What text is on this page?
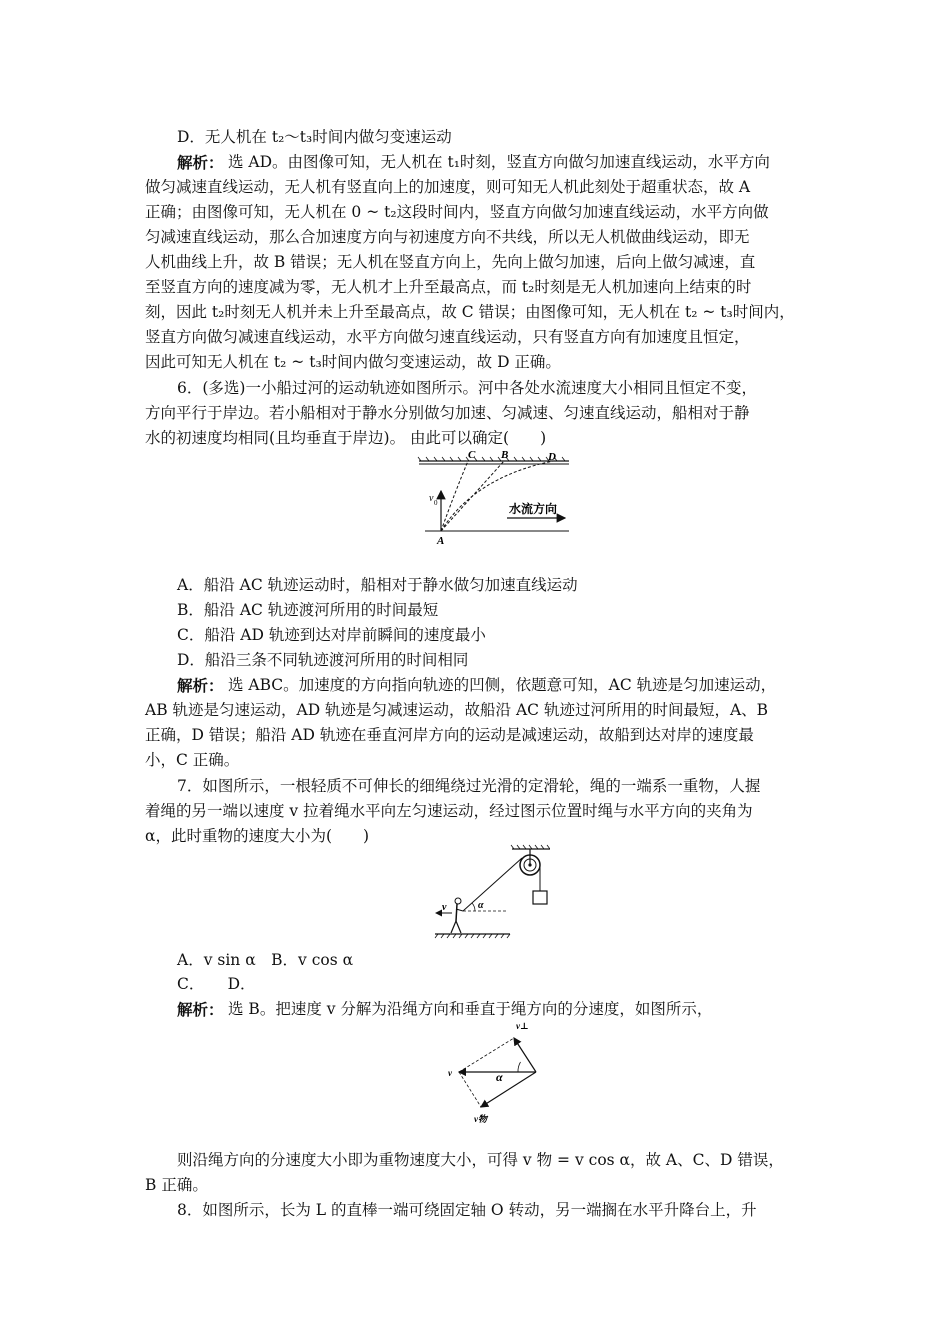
D．无人机在 t₂～t₃时间内做匀变速运动
解析： 选 AD。由图像可知，无人机在 t₁时刻，竖直方向做匀加速直线运动，水平方向
做匀减速直线运动，无人机有竖直向上的加速度，则可知无人机此刻处于超重状态，故 A
正确；由图像可知，无人机在 0 ~ t₂这段时间内，竖直方向做匀加速直线运动，水平方向做
匀减速直线运动，那么合加速度方向与初速度方向不共线，所以无人机做曲线运动，即无
人机曲线上升，故 B 错误；无人机在竖直方向上，先向上做匀加速，后向上做匀减速，直
至竖直方向的速度减为零，无人机才上升至最高点，而 t₂时刻是无人机加速向上结束的时
刻，因此 t₂时刻无人机并未上升至最高点，故 C 错误；由图像可知，无人机在 t₂ ~ t₃时间内，
竖直方向做匀减速直线运动，水平方向做匀速直线运动，只有竖直方向有加速度且恒定，
因此可知无人机在 t₂ ~ t₃时间内做匀变速运动，故 D 正确。
6．(多选)一小船过河的运动轨迹如图所示。河中各处水流速度大小相同且恒定不变，
方向平行于岸边。若小船相对于静水分别做匀加速、匀减速、匀速直线运动，船相对于静
水的初速度均相同(且均垂直于岸边)。 由此可以确定(　　)
C B	D
A
v 0	水流方向
A．船沿 AC 轨迹运动时，船相对于静水做匀加速直线运动
B．船沿 AC 轨迹渡河所用的时间最短
C．船沿 AD 轨迹到达对岸前瞬间的速度最小
D．船沿三条不同轨迹渡河所用的时间相同
解析： 选 ABC。加速度的方向指向轨迹的凹侧，依题意可知，AC 轨迹是匀加速运动，
AB 轨迹是匀速运动，AD 轨迹是匀减速运动，故船沿 AC 轨迹过河所用的时间最短，A、B
正确，D 错误；船沿 AD 轨迹在垂直河岸方向的运动是减速运动，故船到达对岸的速度最
小，C 正确。
7．如图所示，一根轻质不可伸长的细绳绕过光滑的定滑轮，绳的一端系一重物，人握
着绳的另一端以速度 v 拉着绳水平向左匀速运动，经过图示位置时绳与水平方向的夹角为
α，此时重物的速度大小为(　　)
α
v
A．v sin α　B．v cos α
C．　　D．
解析： 选 B。把速度 v 分解为沿绳方向和垂直于绳方向的分速度，如图所示，
α
v
v⊥
v物
则沿绳方向的分速度大小即为重物速度大小，可得 v 物 = v cos α，故 A、C、D 错误，
B 正确。
8．如图所示，长为 L 的直棒一端可绕固定轴 O 转动，另一端搁在水平升降台上，升
